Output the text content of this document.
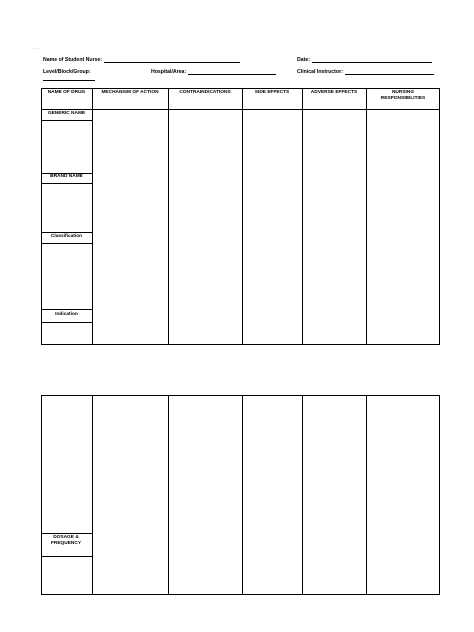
— —
Name of Student Nurse:	Date:
Level/Block/Group:	Hospital/Area:	Clinical Instructor:
NAME OF DRUG	MECHANISM OF ACTION	CONTRAINDICATIONS	SIDE EFFECTS	ADVERSE EFFECTS	NURSING RESPONSIBILITIES
GENERIC NAME
BRAND NAME
Classification
Indication
DOSAGE & FREQUENCY
